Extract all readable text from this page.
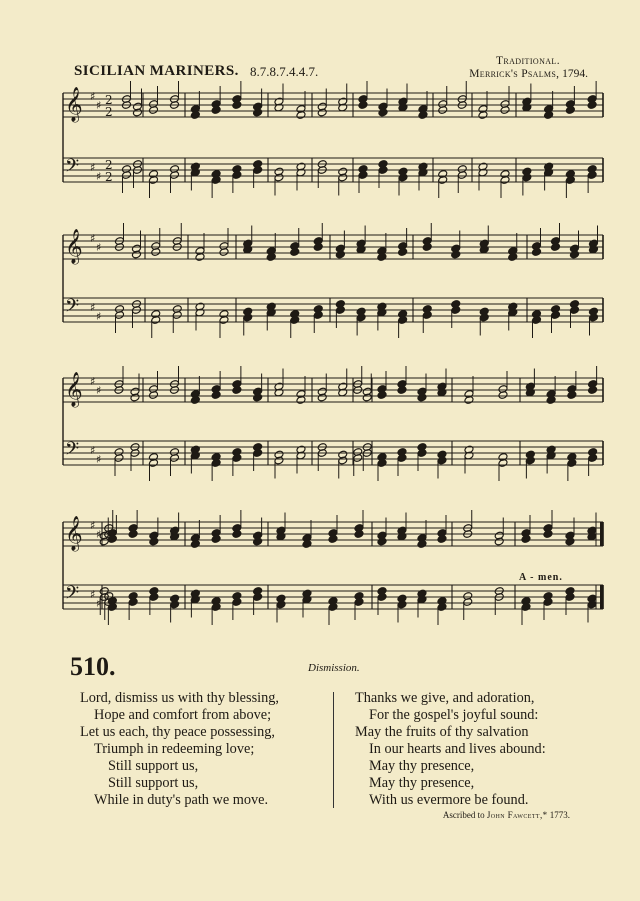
SICILIAN MARINERS. 8.7.8.7.4.4.7.
Traditional.
Merrick's Psalms, 1794.
𝄞
𝄢
♯
♯
♯
♯
2
2
2
2
𝄞
𝄢
♯
♯
♯
♯
𝄞
𝄢
♯
♯
♯
♯
𝄞
𝄢
♯
♯
♯
♯
A - men.
510.	Dismission.
Lord, dismiss us with thy blessing,
Hope and comfort from above;
Let us each, thy peace possessing,
Triumph in redeeming love;
Still support us,
Still support us,
While in duty's path we move.
Thanks we give, and adoration,
For the gospel's joyful sound:
May the fruits of thy salvation
In our hearts and lives abound:
May thy presence,
May thy presence,
With us evermore be found.
Ascribed to John Fawcett,* 1773.
